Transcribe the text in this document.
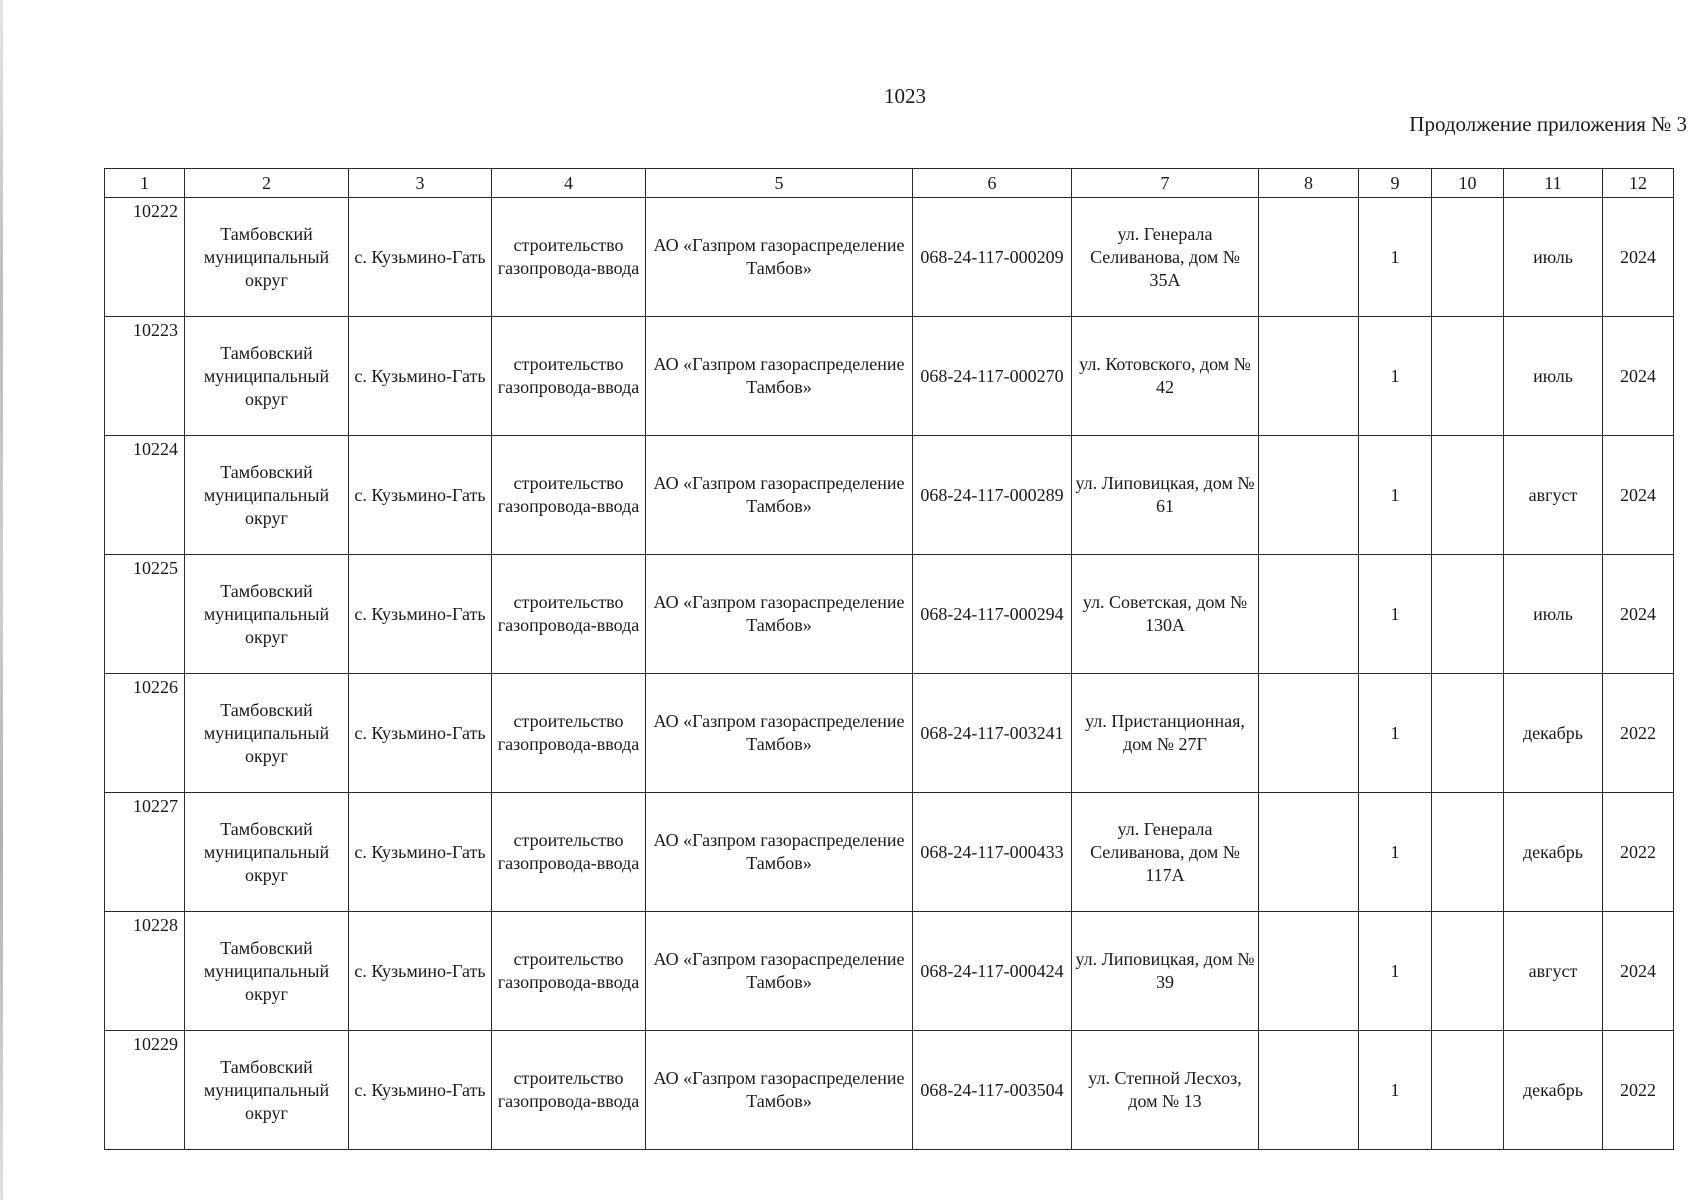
1023
Продолжение приложения № 3
1	2	3	4	5	6	7	8	9	10	11	12
10222	Тамбовский муниципальный округ	с. Кузьмино-Гать	строительство газопровода-ввода	АО «Газпром газораспределение Тамбов»	068-24-117-000209	ул. Генерала Селиванова, дом № 35А		1		июль	2024
10223	Тамбовский муниципальный округ	с. Кузьмино-Гать	строительство газопровода-ввода	АО «Газпром газораспределение Тамбов»	068-24-117-000270	ул. Котовского, дом № 42		1		июль	2024
10224	Тамбовский муниципальный округ	с. Кузьмино-Гать	строительство газопровода-ввода	АО «Газпром газораспределение Тамбов»	068-24-117-000289	ул. Липовицкая, дом № 61		1		август	2024
10225	Тамбовский муниципальный округ	с. Кузьмино-Гать	строительство газопровода-ввода	АО «Газпром газораспределение Тамбов»	068-24-117-000294	ул. Советская, дом № 130А		1		июль	2024
10226	Тамбовский муниципальный округ	с. Кузьмино-Гать	строительство газопровода-ввода	АО «Газпром газораспределение Тамбов»	068-24-117-003241	ул. Пристанционная, дом № 27Г		1		декабрь	2022
10227	Тамбовский муниципальный округ	с. Кузьмино-Гать	строительство газопровода-ввода	АО «Газпром газораспределение Тамбов»	068-24-117-000433	ул. Генерала Селиванова, дом № 117А		1		декабрь	2022
10228	Тамбовский муниципальный округ	с. Кузьмино-Гать	строительство газопровода-ввода	АО «Газпром газораспределение Тамбов»	068-24-117-000424	ул. Липовицкая, дом № 39		1		август	2024
10229	Тамбовский муниципальный округ	с. Кузьмино-Гать	строительство газопровода-ввода	АО «Газпром газораспределение Тамбов»	068-24-117-003504	ул. Степной Лесхоз, дом № 13		1		декабрь	2022
